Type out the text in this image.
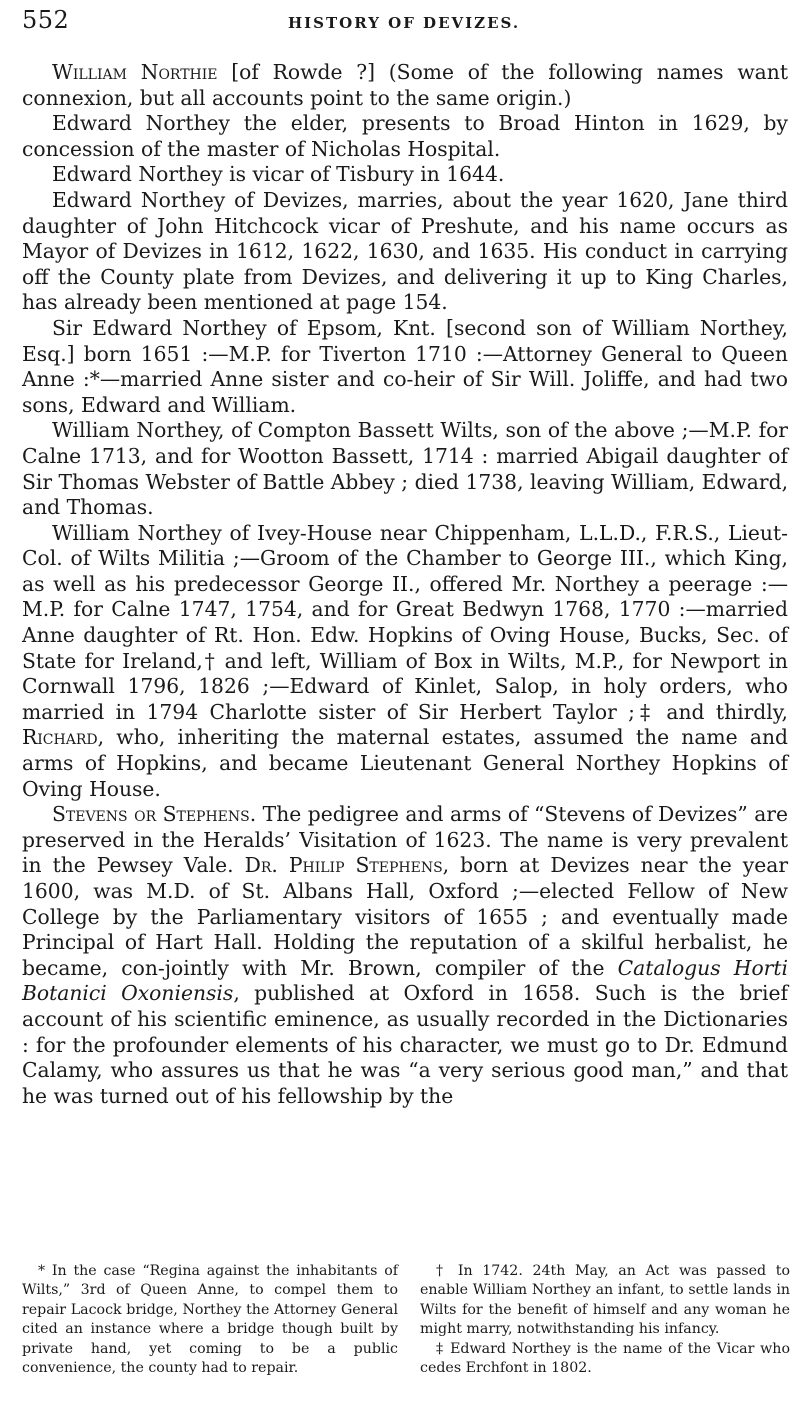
552	HISTORY OF DEVIZES.

William Northie [of Rowde ?] (Some of the following names want connexion, but all accounts point to the same origin.)

Edward Northey the elder, presents to Broad Hinton in 1629, by concession of the master of Nicholas Hospital.

Edward Northey is vicar of Tisbury in 1644.

Edward Northey of Devizes, marries, about the year 1620, Jane third daughter of John Hitchcock vicar of Preshute, and his name occurs as Mayor of Devizes in 1612, 1622, 1630, and 1635. His conduct in carrying off the County plate from Devizes, and delivering it up to King Charles, has already been mentioned at page 154.

Sir Edward Northey of Epsom, Knt. [second son of William Northey, Esq.] born 1651 :—M.P. for Tiverton 1710 :—Attorney General to Queen Anne :*—married Anne sister and co-heir of Sir Will. Joliffe, and had two sons, Edward and William.

William Northey, of Compton Bassett Wilts, son of the above ;—M.P. for Calne 1713, and for Wootton Bassett, 1714 : married Abigail daughter of Sir Thomas Webster of Battle Abbey ; died 1738, leaving William, Edward, and Thomas.

William Northey of Ivey-House near Chippenham, L.L.D., F.R.S., Lieut-Col. of Wilts Militia ;—Groom of the Chamber to George III., which King, as well as his predecessor George II., offered Mr. Northey a peerage :—M.P. for Calne 1747, 1754, and for Great Bedwyn 1768, 1770 :—married Anne daughter of Rt. Hon. Edw. Hopkins of Oving House, Bucks, Sec. of State for Ireland,† and left, William of Box in Wilts, M.P., for Newport in Cornwall 1796, 1826 ;—Edward of Kinlet, Salop, in holy orders, who married in 1794 Charlotte sister of Sir Herbert Taylor ;‡ and thirdly, Richard, who, inheriting the maternal estates, assumed the name and arms of Hopkins, and became Lieutenant General Northey Hopkins of Oving House.

Stevens or Stephens. The pedigree and arms of “Stevens of Devizes” are preserved in the Heralds’ Visitation of 1623. The name is very prevalent in the Pewsey Vale. Dr. Philip Stephens, born at Devizes near the year 1600, was M.D. of St. Albans Hall, Oxford ;—elected Fellow of New College by the Parliamentary visitors of 1655 ; and eventually made Principal of Hart Hall. Holding the reputation of a skilful herbalist, he became, con-jointly with Mr. Brown, compiler of the Catalogus Horti Botanici Oxoniensis, published at Oxford in 1658. Such is the brief account of his scientific eminence, as usually recorded in the Dictionaries : for the profounder elements of his character, we must go to Dr. Edmund Calamy, who assures us that he was “a very serious good man,” and that he was turned out of his fellowship by the

* In the case “Regina against the inhabitants of Wilts,” 3rd of Queen Anne, to compel them to repair Lacock bridge, Northey the Attorney General cited an instance where a bridge though built by private hand, yet coming to be a public convenience, the county had to repair.

† In 1742. 24th May, an Act was passed to enable William Northey an infant, to settle lands in Wilts for the benefit of himself and any woman he might marry, notwithstanding his infancy.

‡ Edward Northey is the name of the Vicar who cedes Erchfont in 1802.
